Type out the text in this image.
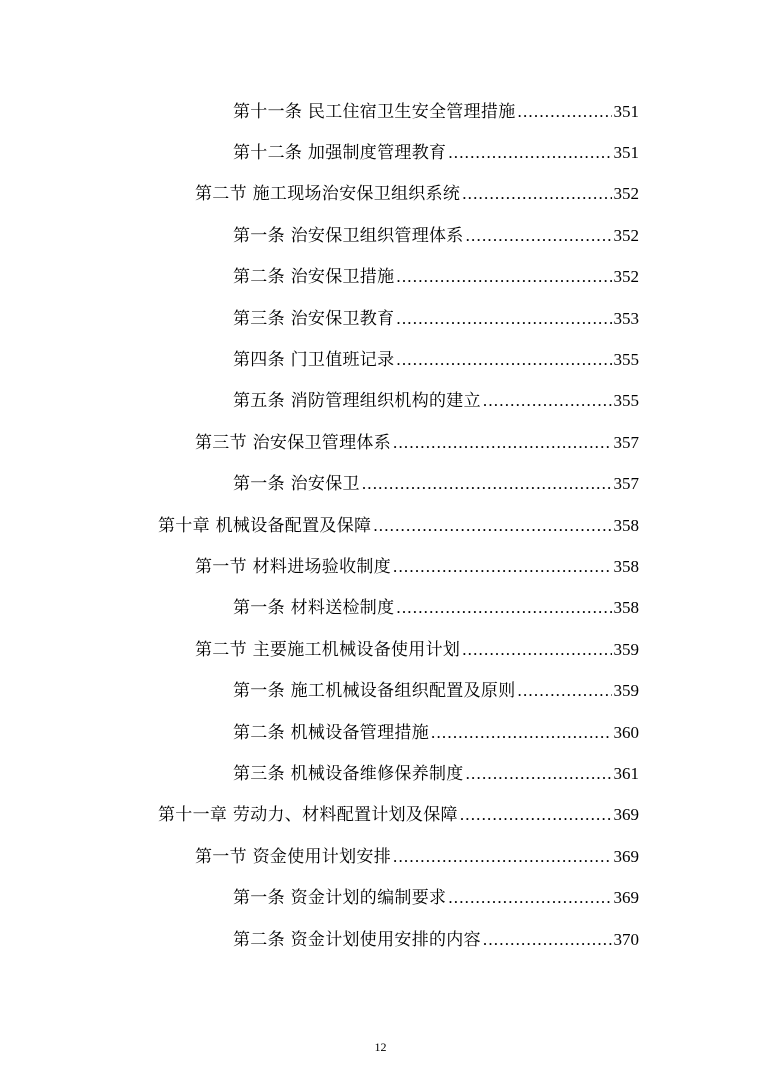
第十一条 民工住宿卫生安全管理措施 .....	351
第十二条 加强制度管理教育 .....	351
第二节 施工现场治安保卫组织系统 .....	352
第一条 治安保卫组织管理体系 .....	352
第二条 治安保卫措施 .....	352
第三条 治安保卫教育 .....	353
第四条 门卫值班记录 .....	355
第五条 消防管理组织机构的建立 .....	355
第三节 治安保卫管理体系 .....	357
第一条 治安保卫 .....	357
第十章 机械设备配置及保障 .....	358
第一节 材料进场验收制度 .....	358
第一条 材料送检制度 .....	358
第二节 主要施工机械设备使用计划 .....	359
第一条 施工机械设备组织配置及原则 .....	359
第二条 机械设备管理措施 .....	360
第三条 机械设备维修保养制度 .....	361
第十一章 劳动力、材料配置计划及保障 .....	369
第一节 资金使用计划安排 .....	369
第一条 资金计划的编制要求 .....	369
第二条 资金计划使用安排的内容 .....	370
12
